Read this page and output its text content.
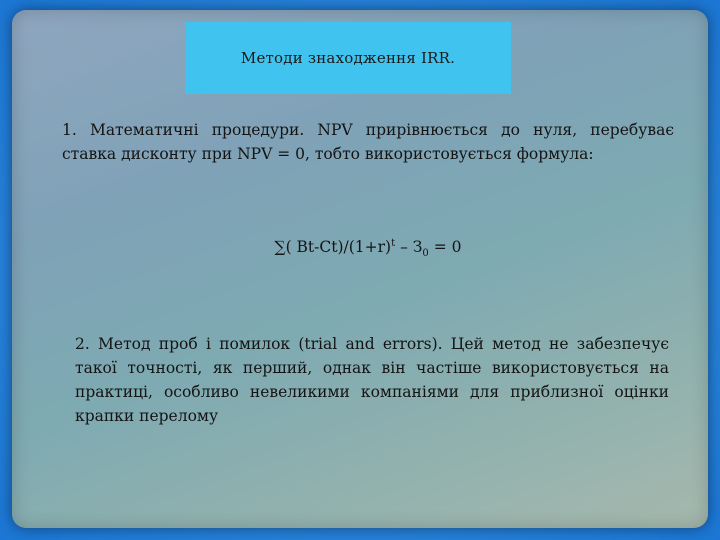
Методи знаходження IRR.
1. Математичні процедури. NPV прирівнюється до нуля, перебуває ставка дисконту при NPV = 0, тобто використовується формула:
∑( $Bt-Ct)/(1+r)^t - З_0 = 0$
2. Метод проб і помилок (trial and errors). Цей метод не забезпечує такої точності, як перший, однак він частіше використовується на практиці, особливо невеликими компаніями для приблизної оцінки крапки перелому
